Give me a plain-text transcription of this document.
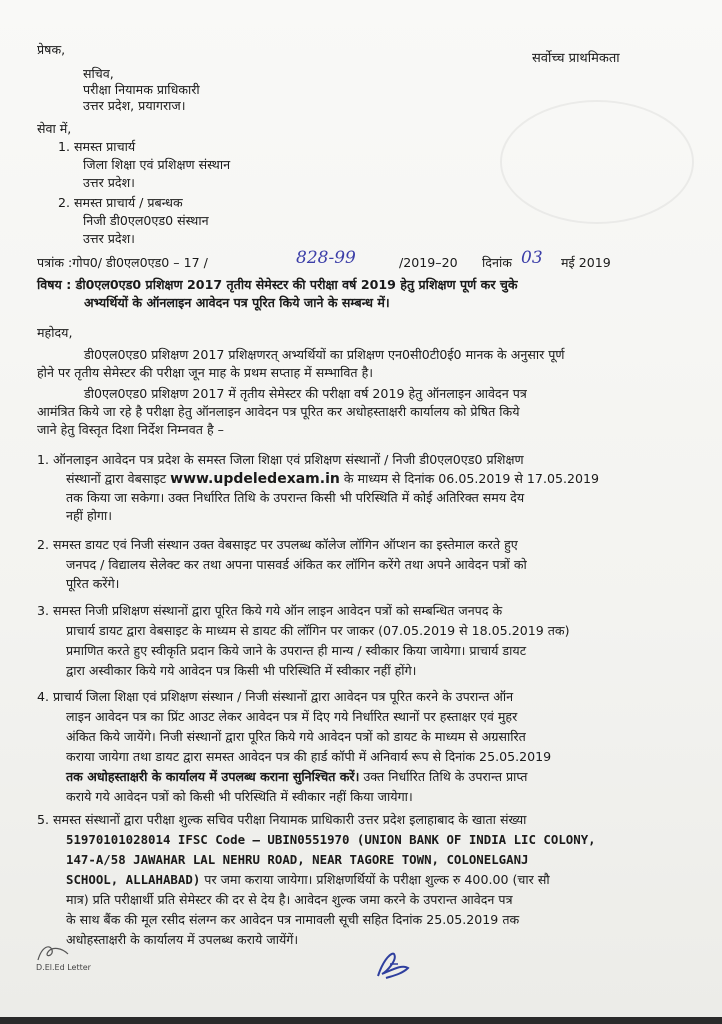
प्रेषक,
सर्वोच्च प्राथमिकता
सचिव,
परीक्षा नियामक प्राधिकारी
उत्तर प्रदेश, प्रयागराज।
सेवा में,
1. समस्त प्राचार्य
जिला शिक्षा एवं प्रशिक्षण संस्थान
उत्तर प्रदेश।
2. समस्त प्राचार्य / प्रबन्धक
निजी डी0एल0एड0 संस्थान
उत्तर प्रदेश।
पत्रांक :गोप0/ डी0एल0एड0 – 17 /	828-99	/2019–20 दिनांक 03 मई 2019
विषय : डी0एल0एड0 प्रशिक्षण 2017 तृतीय सेमेस्टर की परीक्षा वर्ष 2019 हेतु प्रशिक्षण पूर्ण कर चुके
अभ्यर्थियों के ऑनलाइन आवेदन पत्र पूरित किये जाने के सम्बन्ध में।
महोदय,
डी0एल0एड0 प्रशिक्षण 2017 प्रशिक्षणरत् अभ्यर्थियों का प्रशिक्षण एन0सी0टी0ई0 मानक के अनुसार पूर्ण
होने पर तृतीय सेमेस्टर की परीक्षा जून माह के प्रथम सप्ताह में सम्भावित है।
डी0एल0एड0 प्रशिक्षण 2017 में तृतीय सेमेस्टर की परीक्षा वर्ष 2019 हेतु ऑनलाइन आवेदन पत्र
आमंत्रित किये जा रहे है परीक्षा हेतु ऑनलाइन आवेदन पत्र पूरित कर अधोहस्ताक्षरी कार्यालय को प्रेषित किये
जाने हेतु विस्तृत दिशा निर्देश निम्नवत है –
1. ऑनलाइन आवेदन पत्र प्रदेश के समस्त जिला शिक्षा एवं प्रशिक्षण संस्थानों / निजी डी0एल0एड0 प्रशिक्षण
संस्थानों द्वारा वेबसाइट www.updeledexam.in के माध्यम से दिनांक 06.05.2019 से 17.05.2019
तक किया जा सकेगा। उक्त निर्धारित तिथि के उपरान्त किसी भी परिस्थिति में कोई अतिरिक्त समय देय
नहीं होगा।
2. समस्त डायट एवं निजी संस्थान उक्त वेबसाइट पर उपलब्ध कॉलेज लॉगिन ऑप्शन का इस्तेमाल करते हुए
जनपद / विद्यालय सेलेक्ट कर तथा अपना पासवर्ड अंकित कर लॉगिन करेंगे तथा अपने आवेदन पत्रों को
पूरित करेंगे।
3. समस्त निजी प्रशिक्षण संस्थानों द्वारा पूरित किये गये ऑन लाइन आवेदन पत्रों को सम्बन्धित जनपद के
प्राचार्य डायट द्वारा वेबसाइट के माध्यम से डायट की लॉगिन पर जाकर (07.05.2019 से 18.05.2019 तक)
प्रमाणित करते हुए स्वीकृति प्रदान किये जाने के उपरान्त ही मान्य / स्वीकार किया जायेगा। प्राचार्य डायट
द्वारा अस्वीकार किये गये आवेदन पत्र किसी भी परिस्थिति में स्वीकार नहीं होंगे।
4. प्राचार्य जिला शिक्षा एवं प्रशिक्षण संस्थान / निजी संस्थानों द्वारा आवेदन पत्र पूरित करने के उपरान्त ऑन
लाइन आवेदन पत्र का प्रिंट आउट लेकर आवेदन पत्र में दिए गये निर्धारित स्थानों पर हस्ताक्षर एवं मुहर
अंकित किये जायेंगे। निजी संस्थानों द्वारा पूरित किये गये आवेदन पत्रों को डायट के माध्यम से अग्रसारित
कराया जायेगा तथा डायट द्वारा समस्त आवेदन पत्र की हार्ड कॉपी में अनिवार्य रूप से दिनांक 25.05.2019
तक अधोहस्ताक्षरी के कार्यालय में उपलब्ध कराना सुनिश्चित करें। उक्त निर्धारित तिथि के उपरान्त प्राप्त
कराये गये आवेदन पत्रों को किसी भी परिस्थिति में स्वीकार नहीं किया जायेगा।
5. समस्त संस्थानों द्वारा परीक्षा शुल्क सचिव परीक्षा नियामक प्राधिकारी उत्तर प्रदेश इलाहाबाद के खाता संख्या
51970101028014 IFSC Code – UBIN0551970 (UNION BANK OF INDIA LIC COLONY,
147-A/58 JAWAHAR LAL NEHRU ROAD, NEAR TAGORE TOWN, COLONELGANJ
SCHOOL, ALLAHABAD) पर जमा कराया जायेगा। प्रशिक्षणर्थियों के परीक्षा शुल्क रु 400.00 (चार सौ
मात्र) प्रति परीक्षार्थी प्रति सेमेस्टर की दर से देय है। आवेदन शुल्क जमा करने के उपरान्त आवेदन पत्र
के साथ बैंक की मूल रसीद संलग्न कर आवेदन पत्र नामावली सूची सहित दिनांक 25.05.2019 तक
अधोहस्ताक्षरी के कार्यालय में उपलब्ध कराये जायेंगें।
D.El.Ed Letter
